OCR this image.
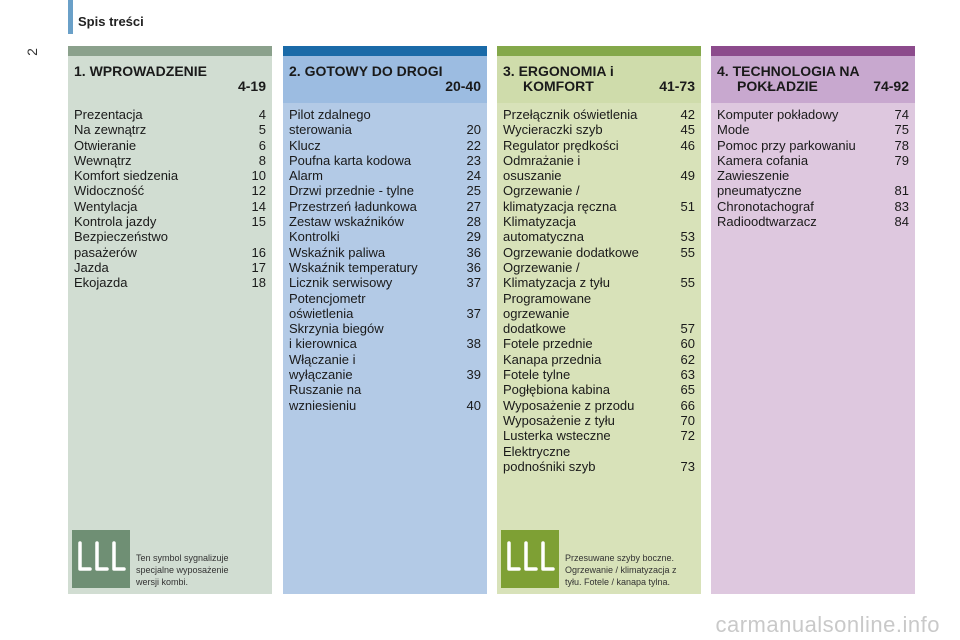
Spis treści
2
1. WPROWADZENIE
4-19
Prezentacja	4
Na zewnątrz	5
Otwieranie	6
Wewnątrz	8
Komfort siedzenia	10
Widoczność	12
Wentylacja	14
Kontrola jazdy	15
Bezpieczeństwo
pasażerów	16
Jazda	17
Ekojazda	18
Ten symbol sygnalizuje
specjalne wyposażenie
wersji kombi.
2. GOTOWY DO DROGI
20-40
Pilot zdalnego
sterowania	20
Klucz	22
Poufna karta kodowa	23
Alarm	24
Drzwi przednie - tylne	25
Przestrzeń ładunkowa	27
Zestaw wskaźników	28
Kontrolki	29
Wskaźnik paliwa	36
Wskaźnik temperatury	36
Licznik serwisowy	37
Potencjometr
oświetlenia	37
Skrzynia biegów
i kierownica	38
Włączanie i
wyłączanie	39
Ruszanie na
wzniesieniu	40
3. ERGONOMIA i
KOMFORT	41-73
Przełącznik oświetlenia	42
Wycieraczki szyb	45
Regulator prędkości	46
Odmrażanie i
osuszanie	49
Ogrzewanie /
klimatyzacja ręczna	51
Klimatyzacja
automatyczna	53
Ogrzewanie dodatkowe	55
Ogrzewanie /
Klimatyzacja z tyłu	55
Programowane
ogrzewanie
dodatkowe	57
Fotele przednie	60
Kanapa przednia	62
Fotele tylne	63
Pogłębiona kabina	65
Wyposażenie z przodu	66
Wyposażenie z tyłu	70
Lusterka wsteczne	72
Elektryczne
podnośniki szyb	73
Przesuwane szyby boczne.
Ogrzewanie / klimatyzacja z
tyłu. Fotele / kanapa tylna.
4. TECHNOLOGIA NA
POKŁADZIE	74-92
Komputer pokładowy	74
Mode	75
Pomoc przy parkowaniu	78
Kamera cofania	79
Zawieszenie
pneumatyczne	81
Chronotachograf	83
Radioodtwarzacz	84
carmanualsonline.info
